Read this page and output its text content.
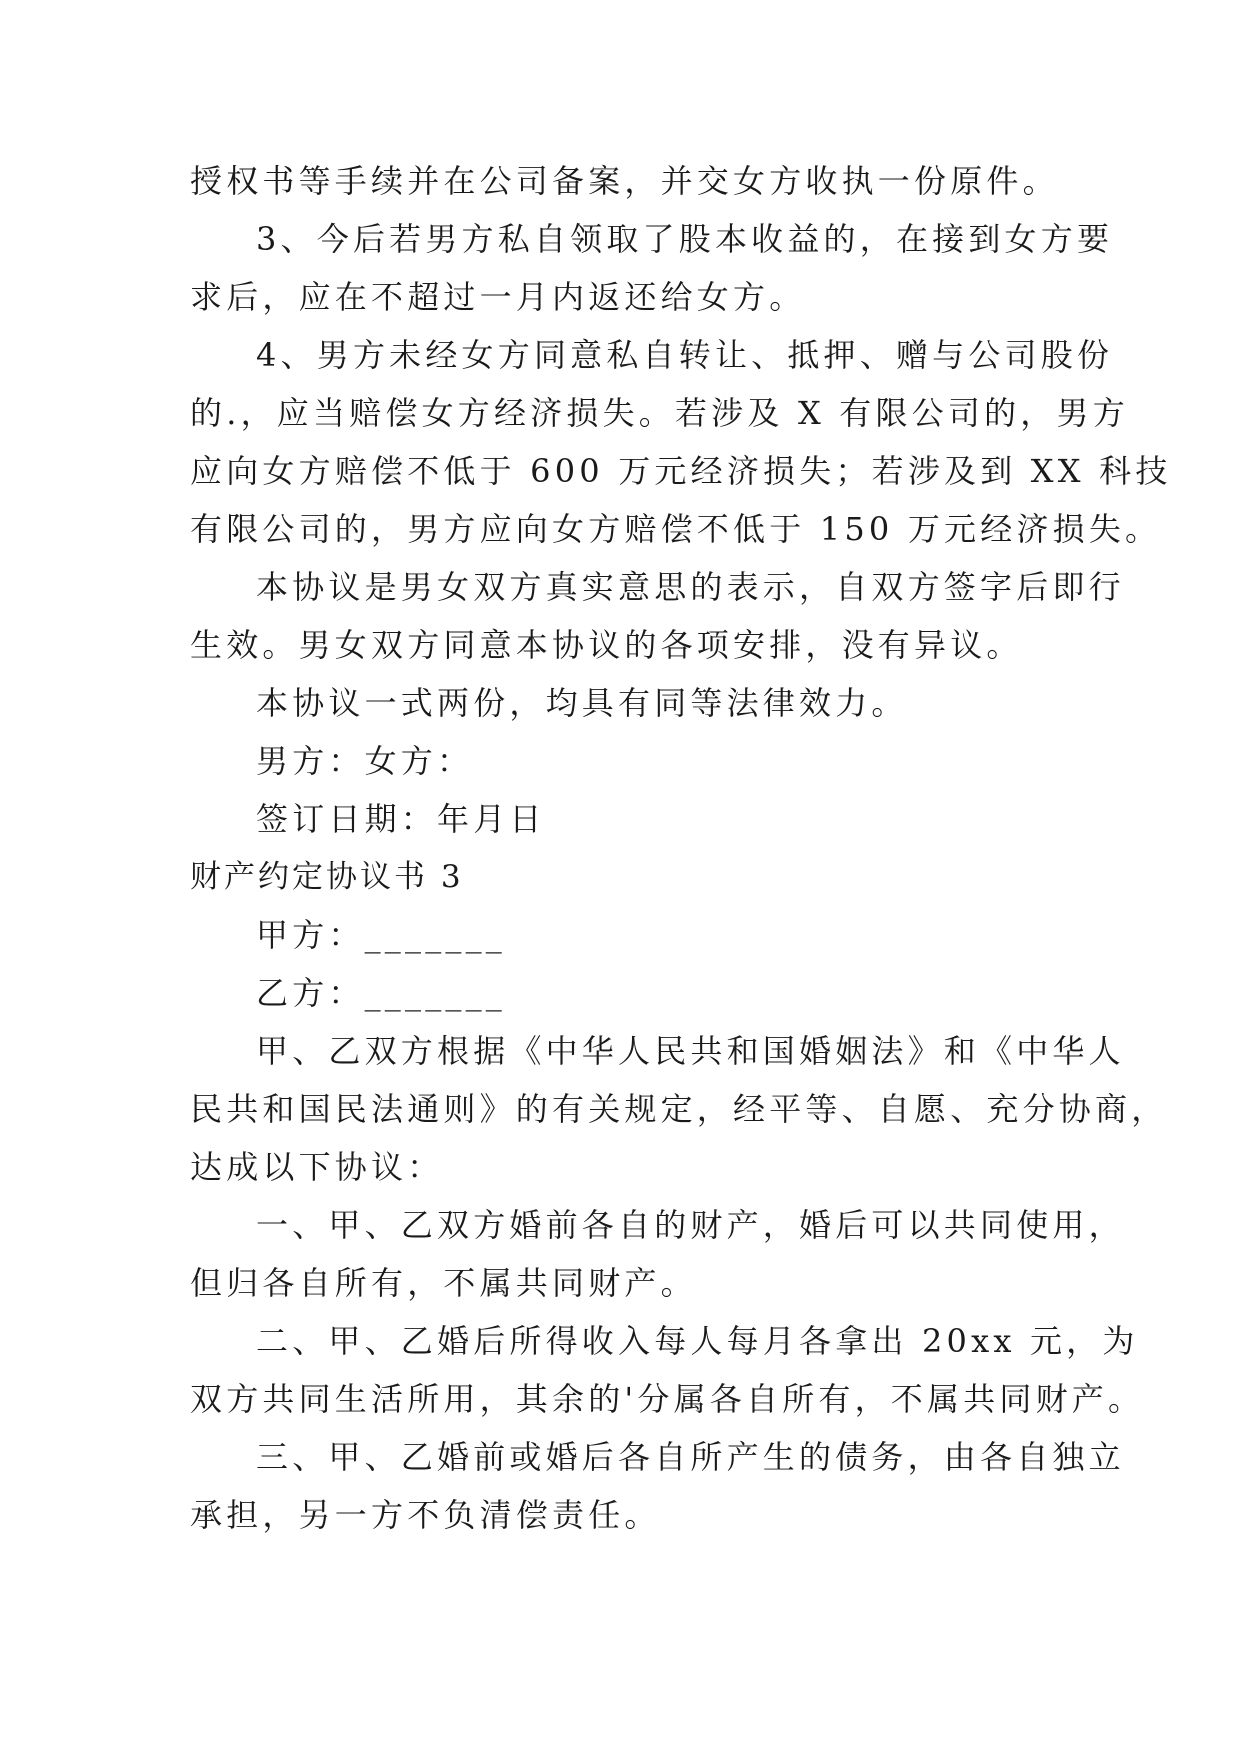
授权书等手续并在公司备案，并交女方收执一份原件。
3、今后若男方私自领取了股本收益的，在接到女方要
求后，应在不超过一月内返还给女方。
4、男方未经女方同意私自转让、抵押、赠与公司股份
的.，应当赔偿女方经济损失。若涉及 X 有限公司的，男方
应向女方赔偿不低于 600 万元经济损失；若涉及到 XX 科技
有限公司的，男方应向女方赔偿不低于 150 万元经济损失。
本协议是男女双方真实意思的表示，自双方签字后即行
生效。男女双方同意本协议的各项安排，没有异议。
本协议一式两份，均具有同等法律效力。
男方：女方：
签订日期：年月日
财产约定协议书 3
甲方：_______
乙方：_______
甲、乙双方根据《中华人民共和国婚姻法》和《中华人
民共和国民法通则》的有关规定，经平等、自愿、充分协商，
达成以下协议：
一、甲、乙双方婚前各自的财产，婚后可以共同使用，
但归各自所有，不属共同财产。
二、甲、乙婚后所得收入每人每月各拿出 20xx 元，为
双方共同生活所用，其余的'分属各自所有，不属共同财产。
三、甲、乙婚前或婚后各自所产生的债务，由各自独立
承担，另一方不负清偿责任。
